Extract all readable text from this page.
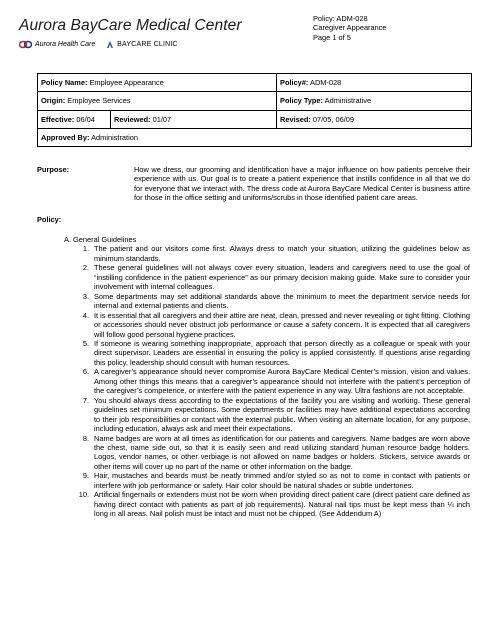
Aurora BayCare Medical Center
Aurora Health Care	BAYCARE CLINIC
Policy: ADM-028
Caregiver Appearance
Page 1 of 5
Policy Name: Employee Appearance		Policy#: ADM-028
Origin: Employee Services		Policy Type: Administrative
Effective: 06/04	Reviewed: 01/07	Revised: 07/05, 06/09
Approved By: Administration		
Purpose:	How we dress, our grooming and identification have a major influence on how patients perceive their experience with us. Our goal is to create a patient experience that instills confidence in all that we do for everyone that we interact with. The dress code at Aurora BayCare Medical Center is business attire for those in the office setting and uniforms/scrubs in those identified patient care areas.
Policy:
A. General Guidelines
1. The patient and our visitors come first. Always dress to match your situation, utilizing the guidelines below as minimum standards.
2. These general guidelines will not always cover every situation, leaders and caregivers need to use the goal of “instilling confidence in the patient experience” as our primary decision making guide. Make sure to consider your involvement with internal colleagues.
3. Some departments may set additional standards above the minimum to meet the department service needs for internal and external patients and clients.
4. It is essential that all caregivers and their attire are neat, clean, pressed and never revealing or tight fitting. Clothing or accessories should never obstruct job performance or cause a safety concern. It is expected that all caregivers will follow good personal hygiene practices.
5. If someone is wearing something inappropriate, approach that person directly as a colleague or speak with your direct supervisor. Leaders are essential in ensuring the policy is applied consistently. If questions arise regarding this policy, leadership should consult with human resources.
6. A caregiver’s appearance should never compromise Aurora BayCare Medical Center’s mission, vision and values. Among other things this means that a caregiver’s appearance should not interfere with the patient’s perception of the caregiver’s competence, or interfere with the patient experience in any way. Ultra fashions are not acceptable.
7. You should always dress according to the expectations of the facility you are visiting and working. These general guidelines set minimum expectations. Some departments or facilities may have additional expectations according to their job responsibilities or contact with the external public. When visiting an alternate location, for any purpose, including education, always ask and meet their expectations.
8. Name badges are worn at all times as identification for our patients and caregivers. Name badges are worn above the chest, name side out, so that it is easily seen and read utilizing standard human resource badge holders. Logos, vendor names, or other verbiage is not allowed on name badges or holders. Stickers, service awards or other items will cover up no part of the name or other information on the badge.
9. Hair, mustaches and beards must be neatly trimmed and/or styled so as not to come in contact with patients or interfere with job performance or safety. Hair color should be natural shades or subtle undertones.
10. Artificial fingernails or extenders must not be worn when providing direct patient care (direct patient care defined as having direct contact with patients as part of job requirements). Natural nail tips must be kept mess than ¼ inch long in all areas. Nail polish must be intact and must not be chipped. (See Addendum A)
